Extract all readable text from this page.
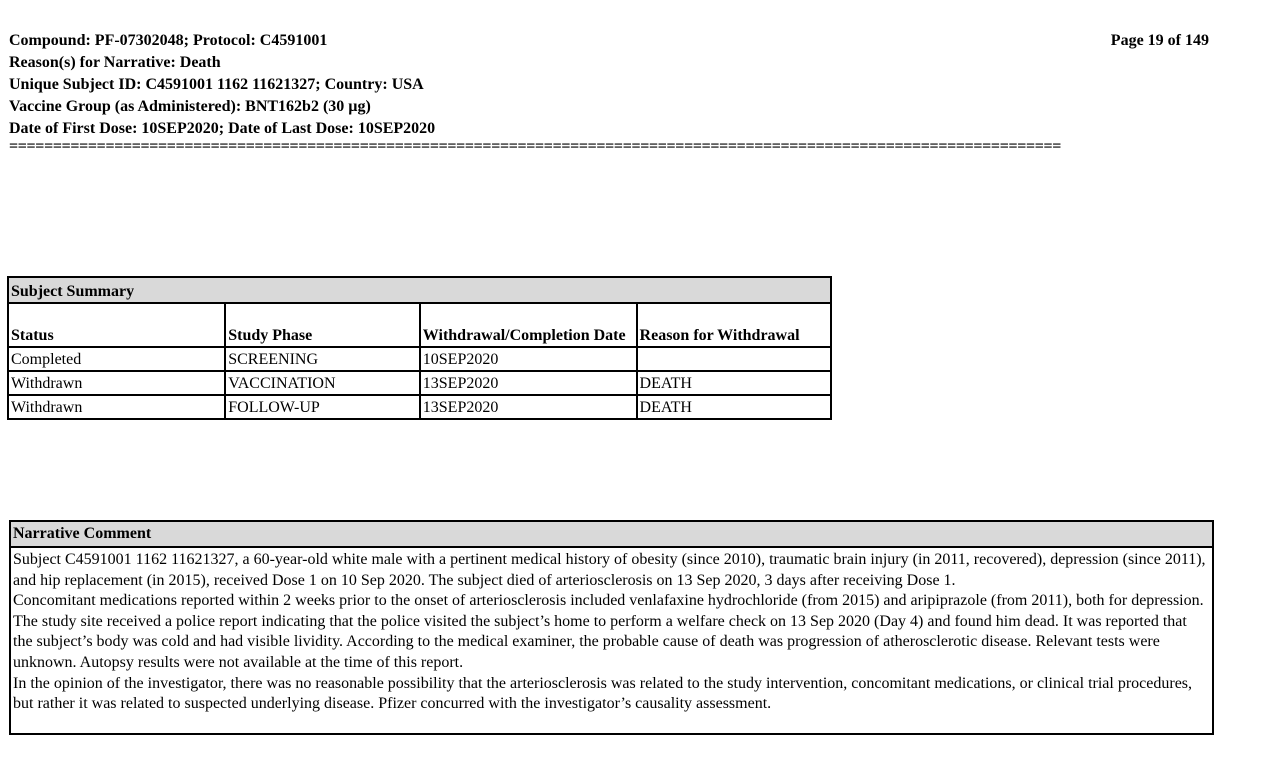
Compound: PF-07302048; Protocol: C4591001	Page 19 of 149
Reason(s) for Narrative: Death
Unique Subject ID: C4591001 1162 11621327; Country: USA
Vaccine Group (as Administered): BNT162b2 (30 µg)
Date of First Dose: 10SEP2020; Date of Last Dose: 10SEP2020
========================================================================================================================
Subject Summary			
Status	Study Phase	Withdrawal/Completion Date	Reason for Withdrawal
Completed	SCREENING	10SEP2020	
Withdrawn	VACCINATION	13SEP2020	DEATH
Withdrawn	FOLLOW-UP	13SEP2020	DEATH
Narrative Comment

Subject C4591001 1162 11621327, a 60-year-old white male with a pertinent medical history of obesity (since 2010), traumatic brain injury (in 2011, recovered), depression (since 2011), and hip replacement (in 2015), received Dose 1 on 10 Sep 2020. The subject died of arteriosclerosis on 13 Sep 2020, 3 days after receiving Dose 1.

Concomitant medications reported within 2 weeks prior to the onset of arteriosclerosis included venlafaxine hydrochloride (from 2015) and aripiprazole (from 2011), both for depression.

The study site received a police report indicating that the police visited the subject’s home to perform a welfare check on 13 Sep 2020 (Day 4) and found him dead. It was reported that the subject’s body was cold and had visible lividity. According to the medical examiner, the probable cause of death was progression of atherosclerotic disease. Relevant tests were unknown. Autopsy results were not available at the time of this report.

In the opinion of the investigator, there was no reasonable possibility that the arteriosclerosis was related to the study intervention, concomitant medications, or clinical trial procedures, but rather it was related to suspected underlying disease. Pfizer concurred with the investigator’s causality assessment.
